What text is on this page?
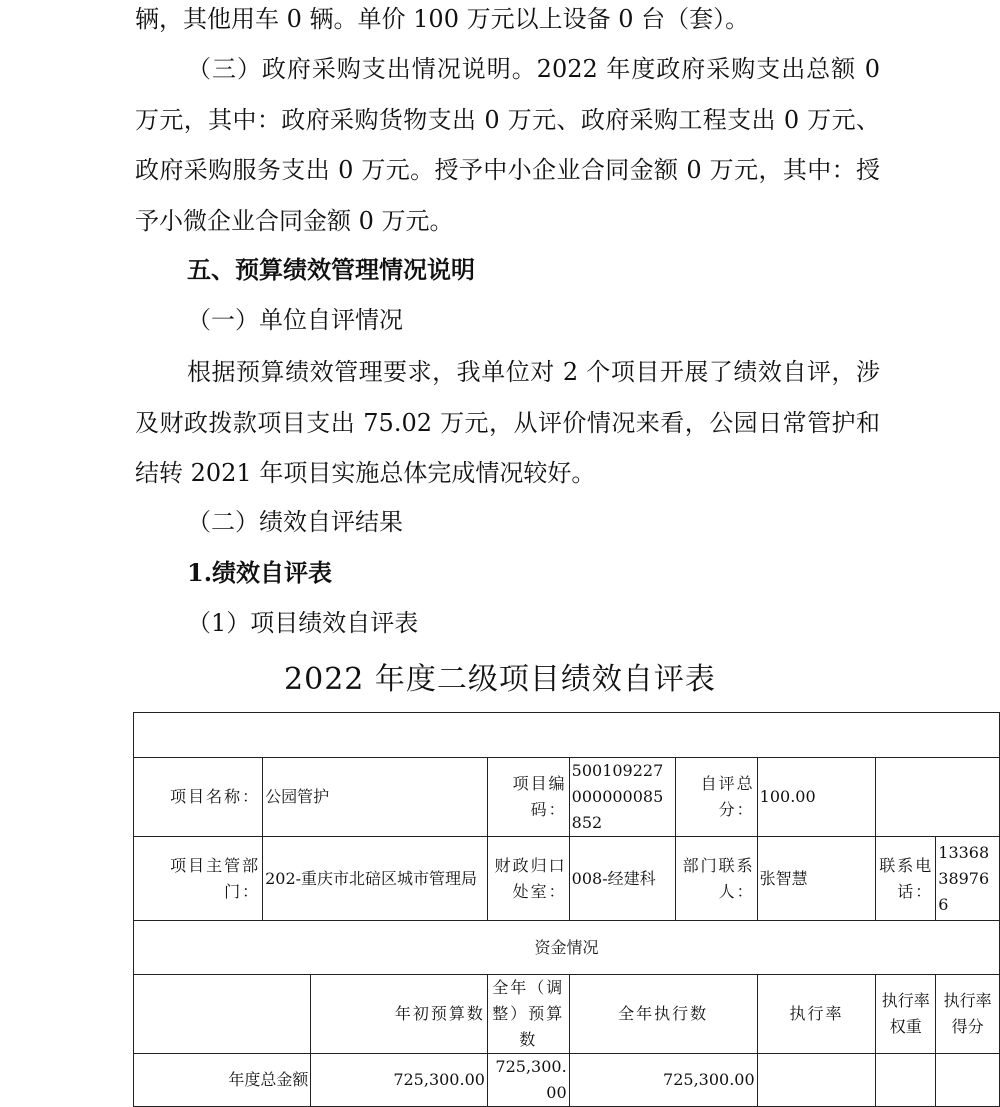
辆，其他用车 0 辆。单价 100 万元以上设备 0 台（套）。

（三）政府采购支出情况说明。2022 年度政府采购支出总额 0 万元，其中：政府采购货物支出 0 万元、政府采购工程支出 0 万元、政府采购服务支出 0 万元。授予中小企业合同金额 0 万元，其中：授予小微企业合同金额 0 万元。

五、预算绩效管理情况说明

（一）单位自评情况

根据预算绩效管理要求，我单位对 2 个项目开展了绩效自评，涉及财政拨款项目支出 75.02 万元，从评价情况来看，公园日常管护和结转 2021 年项目实施总体完成情况较好。

（二）绩效自评结果

1.绩效自评表

（1）项目绩效自评表

2022 年度二级项目绩效自评表

项目名称：	公园管护		项目编码：	500109227000000085852	自评总分：	100.00		
项目主管部门：	202-重庆市北碚区城市管理局		财政归口处室：	008-经建科	部门联系人：	张智慧	联系电话：	13368389766
资金情况								
		年初预算数	全年（调整）预算数	全年执行数		执行率	执行率权重	执行率得分
年度总金额		725,300.00	725,300.00	725,300.00				
